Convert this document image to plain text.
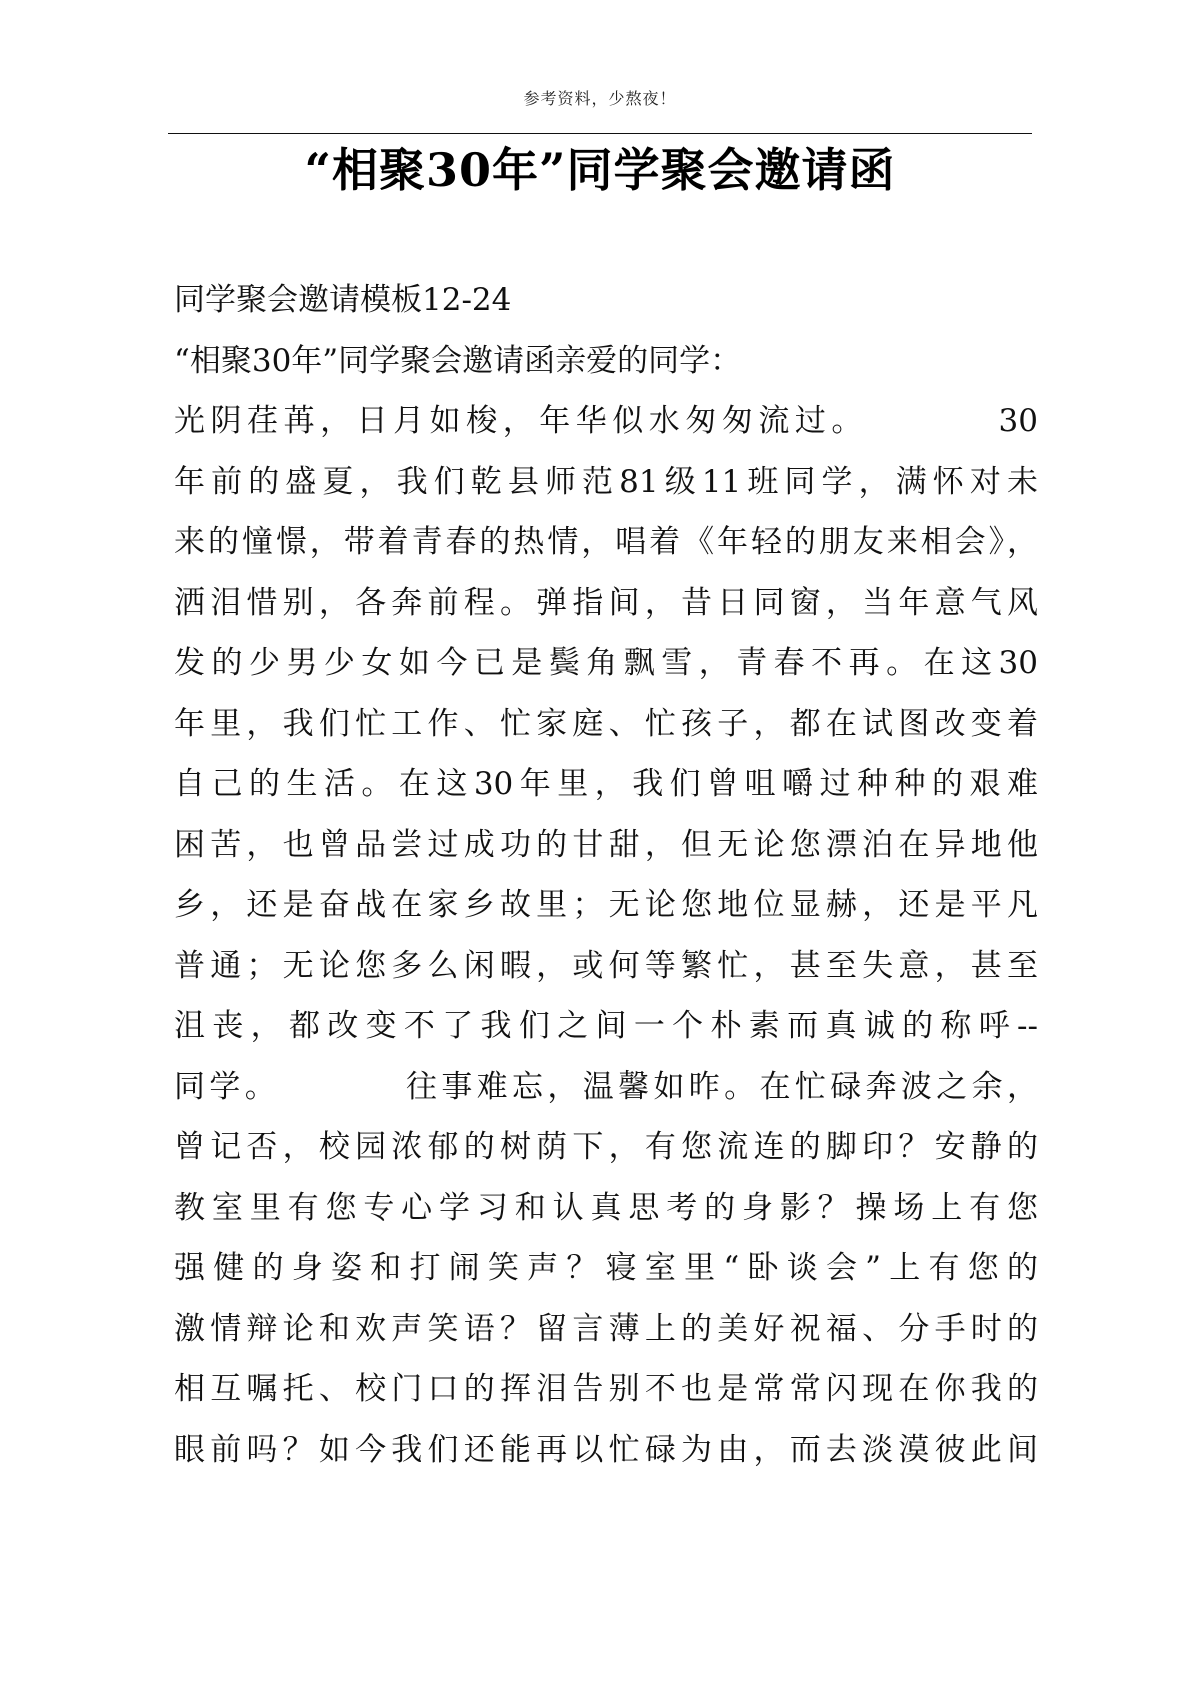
参考资料，少熬夜！
“相聚30年”同学聚会邀请函
同学聚会邀请模板12-24
“相聚30年”同学聚会邀请函亲爱的同学：
光阴荏苒，日月如梭，年华似水匆匆流过。　　　　30
年前的盛夏，我们乾县师范81级11班同学，满怀对未
来的憧憬，带着青春的热情，唱着《年轻的朋友来相会》，
洒泪惜别，各奔前程。弹指间，昔日同窗，当年意气风
发的少男少女如今已是鬓角飘雪，青春不再。在这30
年里，我们忙工作、忙家庭、忙孩子，都在试图改变着
自己的生活。在这30年里，我们曾咀嚼过种种的艰难
困苦，也曾品尝过成功的甘甜，但无论您漂泊在异地他
乡，还是奋战在家乡故里；无论您地位显赫，还是平凡
普通；无论您多么闲暇，或何等繁忙，甚至失意，甚至
沮丧，都改变不了我们之间一个朴素而真诚的称呼--
同学。　　　　往事难忘，温馨如昨。在忙碌奔波之余，
曾记否，校园浓郁的树荫下，有您流连的脚印？安静的
教室里有您专心学习和认真思考的身影？操场上有您
强健的身姿和打闹笑声？寝室里“卧谈会”上有您的
激情辩论和欢声笑语？留言薄上的美好祝福、分手时的
相互嘱托、校门口的挥泪告别不也是常常闪现在你我的
眼前吗？如今我们还能再以忙碌为由，而去淡漠彼此间
